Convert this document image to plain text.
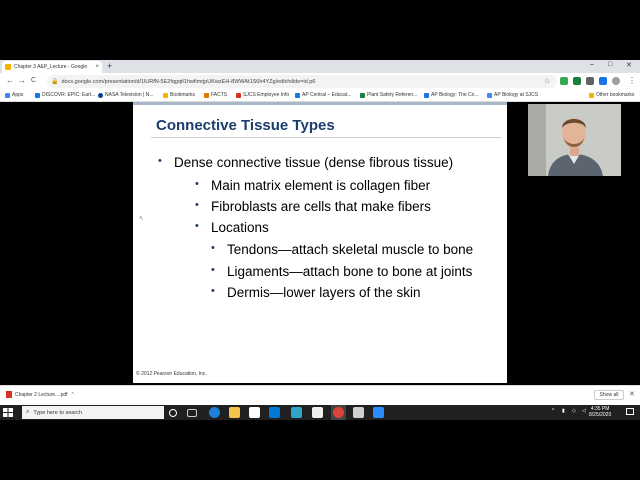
Chapter 3 A&P_Lecture - Google	× +	– □ ✕
← → C 🔒 docs.google.com/presentation/d/1lURfN-5E2fqgqtl1hwfimrjpUKwzEH-8WWAt1S6h4YZg/edit#slide=id.p6	☆	⋮
Apps	DISCOVR: EPIC: Eart... NASA Television | N...	Bookmarks	FACTS	SJCS Employee Info	AP Central – Educat...	Plant Safety Referen...	AP Biology: The Co...	AP Biology at SJCS	Other bookmarks
Connective Tissue Types
• Dense connective tissue (dense fibrous tissue)
• Main matrix element is collagen fiber
• Fibroblasts are cells that make fibers
• Locations
• Tendons—attach skeletal muscle to bone
• Ligaments—attach bone to bone at joints
• Dermis—lower layers of the skin
© 2012 Pearson Education, Inc.
↖
Chapter 2 Lecture....pdf ^	Show all	✕
⌕ Type here to search	^ ▮ ◇ ◁ 4:35 PM
8/25/2020
